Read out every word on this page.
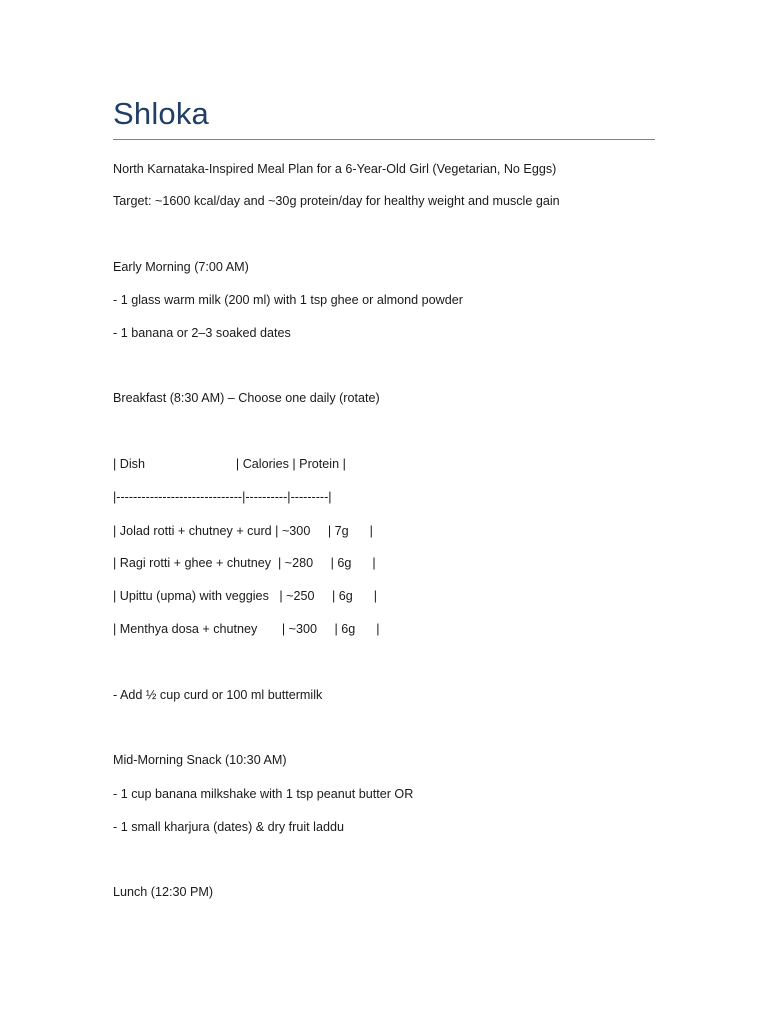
Shloka
North Karnataka-Inspired Meal Plan for a 6-Year-Old Girl (Vegetarian, No Eggs)
Target: ~1600 kcal/day and ~30g protein/day for healthy weight and muscle gain
Early Morning (7:00 AM)
- 1 glass warm milk (200 ml) with 1 tsp ghee or almond powder
- 1 banana or 2–3 soaked dates
Breakfast (8:30 AM) – Choose one daily (rotate)
| Dish                          | Calories | Protein |
|------------------------------|----------|---------|
| Jolad rotti + chutney + curd | ~300     | 7g      |
| Ragi rotti + ghee + chutney  | ~280     | 6g      |
| Upittu (upma) with veggies   | ~250     | 6g      |
| Menthya dosa + chutney       | ~300     | 6g      |
- Add ½ cup curd or 100 ml buttermilk
Mid-Morning Snack (10:30 AM)
- 1 cup banana milkshake with 1 tsp peanut butter OR
- 1 small kharjura (dates) & dry fruit laddu
Lunch (12:30 PM)
